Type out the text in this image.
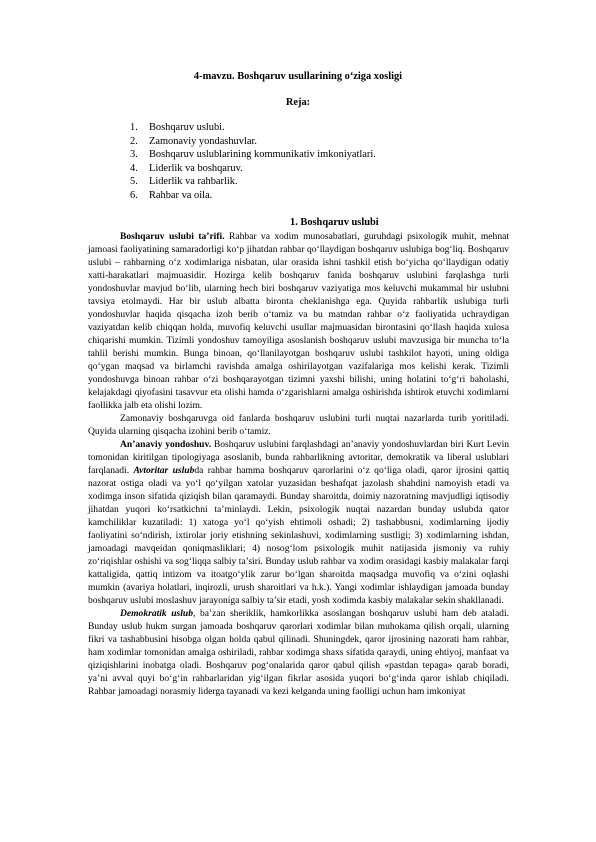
4-mavzu. Boshqaruv usullarining o‘ziga xosligi
Reja:
1. Boshqaruv uslubi.
2. Zamonaviy yondashuvlar.
3. Boshqaruv uslublarining kommunikativ imkoniyatlari.
4. Liderlik va boshqaruv.
5. Liderlik va rahbarlik.
6. Rahbar va oila.
1. Boshqaruv uslubi

Boshqaruv uslubi ta’rifi. Rahbar va xodim munosabatlari, guruhdagi psixologik muhit, mehnat jamoasi faoliyatining samaradorligi ko‘p jihatdan rahbar qo‘llaydigan boshqaruv uslubiga bog‘liq. Boshqaruv uslubi – rahbarning o‘z xodimlariga nisbatan, ular orasida ishni tashkil etish bo‘yicha qo‘llaydigan odatiy xatti-harakatlari majmuasidir. Hozirga kelib boshqaruv fanida boshqaruv uslubini farqlashga turli yondoshuvlar mavjud bo‘lib, ularning hech biri boshqaruv vaziyatiga mos keluvchi mukammal bir uslubni tavsiya etolmaydi. Har bir uslub albatta bironta cheklanishga ega. Quyida rahbarlik uslubiga turli yondoshuvlar haqida qisqacha izoh berib o‘tamiz va bu matndan rahbar o‘z faoliyatida uchraydigan vaziyatdan kelib chiqqan holda, muvofiq keluvchi usullar majmuasidan birontasini qo‘llash haqida xulosa chiqarishi mumkin. Tizimli yondoshuv tamoyiliga asoslanish boshqaruv uslubi mavzusiga bir muncha to‘la tahlil berishi mumkin. Bunga binoan, qo‘llanilayotgan boshqaruv uslubi tashkilot hayoti, uning oldiga qo‘ygan maqsad va birlamchi ravishda amalga oshirilayotgan vazifalariga mos kelishi kerak. Tizimli yondoshuvga binoan rahbar o‘zi boshqarayotgan tizimni yaxshi bilishi, uning holatini to‘g‘ri baholashi, kelajakdagi qiyofasini tasavvur eta olishi hamda o‘zgarishlarni amalga oshirishda ishtirok etuvchi xodimlarni faollikka jalb eta olishi lozim.

Zamonaviy boshqaruvga oid fanlarda boshqaruv uslubini turli nuqtai nazarlarda turib yoritiladi. Quyida ularning qisqacha izohini berib o‘tamiz.

An’anaviy yondoshuv. Boshqaruv uslubini farqlashdagi an’anaviy yondoshuvlardan biri Kurt Levin tomonidan kiritilgan tipologiyaga asoslanib, bunda rahbarlikning avtoritar, demokratik va liberal uslublari farqlanadi. Avtoritar uslubda rahbar hamma boshqaruv qarorlarini o‘z qo‘liga oladi, qaror ijrosini qattiq nazorat ostiga oladi va yo‘l qo‘yilgan xatolar yuzasidan beshafqat jazolash shahdini namoyish etadi va xodimga inson sifatida qiziqish bilan qaramaydi. Bunday sharoitda, doimiy nazoratning mavjudligi iqtisodiy jihatdan yuqori ko‘rsatkichni ta’minlaydi. Lekin, psixologik nuqtai nazardan bunday uslubda qator kamchiliklar kuzatiladi: 1) xatoga yo‘l qo‘yish ehtimoli oshadi; 2) tashabbusni, xodimlarning ijodiy faoliyatini so‘ndirish, ixtirolar joriy etishning sekinlashuvi, xodimlarning sustligi; 3) xodimlarning ishdan, jamoadagi mavqeidan qoniqmasliklari; 4) nosog‘lom psixologik muhit natijasida jismoniy va ruhiy zo‘riqishlar oshishi va sog‘liqqa salbiy ta’siri. Bunday uslub rahbar va xodim orasidagi kasbiy malakalar farqi kattaligida, qattiq intizom va itoatgo‘ylik zarur bo‘lgan sharoitda maqsadga muvofiq va o‘zini oqlashi mumkin (avariya holatlari, inqirozli, urush sharoitlari va h.k.). Yangi xodimlar ishlaydigan jamoada bunday boshqaruv uslubi moslashuv jarayoniga salbiy ta’sir etadi, yosh xodimda kasbiy malakalar sekin shakllanadi.

Demokratik uslub, ba’zan sheriklik, hamkorlikka asoslangan boshqaruv uslubi ham deb ataladi. Bunday uslub hukm surgan jamoada boshqaruv qarorlari xodimlar bilan muhokama qilish orqali, ularning fikri va tashabbusini hisobga olgan holda qabul qilinadi. Shuningdek, qaror ijrosining nazorati ham rahbar, ham xodimlar tomonidan amalga oshiriladi, rahbar xodimga shaxs sifatida qaraydi, uning ehtiyoj, manfaat va qiziqishlarini inobatga oladi. Boshqaruv pog‘onalarida qaror qabul qilish «pastdan tepaga» qarab boradi, ya’ni avval quyi bo‘g‘in rahbarlaridan yig‘ilgan fikrlar asosida yuqori bo‘g‘inda qaror ishlab chiqiladi. Rahbar jamoadagi norasmiy liderga tayanadi va kezi kelganda uning faolligi uchun ham imkoniyat
